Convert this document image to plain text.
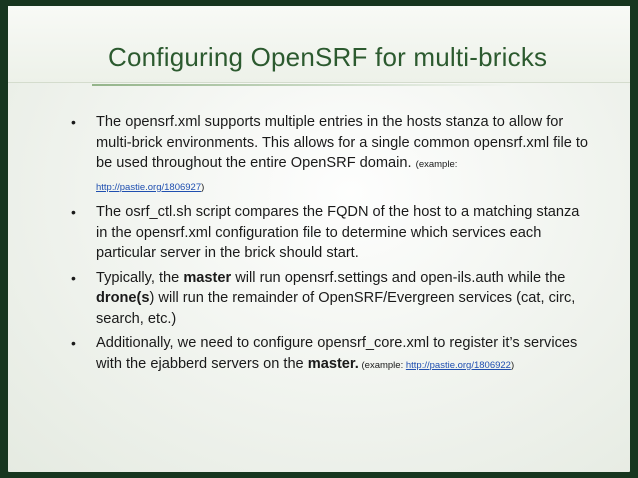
Configuring OpenSRF for multi-bricks
• The opensrf.xml supports multiple entries in the hosts stanza to allow for multi-brick environments. This allows for a single common opensrf.xml file to be used throughout the entire OpenSRF domain. (example:
http://pastie.org/1806927)
• The osrf_ctl.sh script compares the FQDN of the host to a matching stanza in the opensrf.xml configuration file to determine which services each particular server in the brick should start.
• Typically, the master will run opensrf.settings and open-ils.auth while the drone(s) will run the remainder of OpenSRF/Evergreen services (cat, circ, search, etc.)
• Additionally, we need to configure opensrf_core.xml to register it’s services with the ejabberd servers on the master. (example: http://pastie.org/1806922)
